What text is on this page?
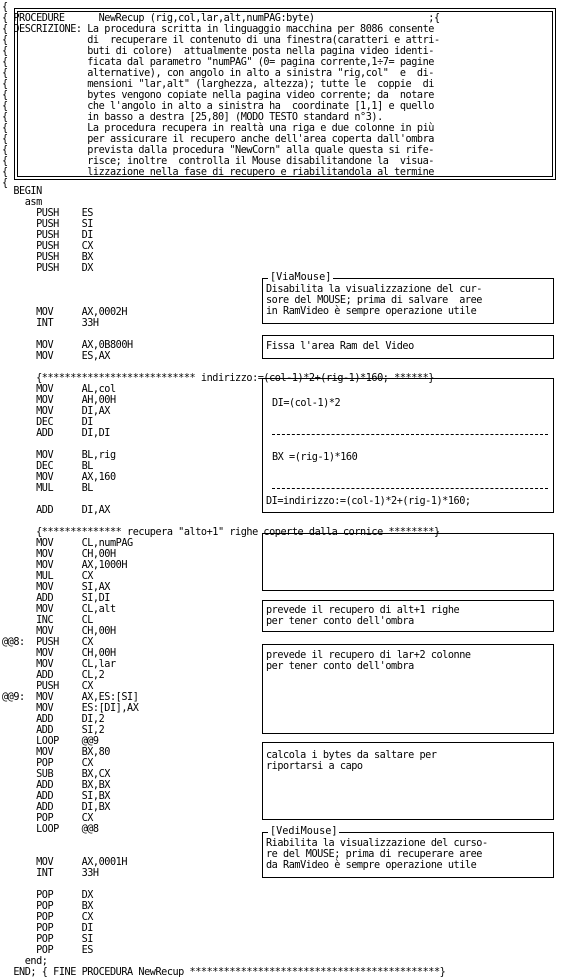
[ViaMouse]
Disabilita la visualizzazione del cur-
sore del MOUSE; prima di salvare  aree
in RamVideo è sempre operazione utile
Fissa l'area Ram del Video
DI=(col-1)*2
BX =(rig-1)*160
DI=indirizzo:=(col-1)*2+(rig-1)*160;
prevede il recupero di alt+1 righe
per tener conto dell'ombra
prevede il recupero di lar+2 colonne
per tener conto dell'ombra
calcola i bytes da saltare per
riportarsi a capo
[VediMouse]
Riabilita la visualizzazione del curso-
re del MOUSE; prima di recuperare aree
da RamVideo è sempre operazione utile
{
{ PROCEDURE      NewRecup (rig,col,lar,alt,numPAG:byte)                    ;{
{ DESCRIZIONE: La procedura scritta in linguaggio macchina per 8086 consente
{              di  recuperare il contenuto di una finestra(caratteri e attri-
{              buti di colore)  attualmente posta nella pagina video identi-
{              ficata dal parametro "numPAG" (0= pagina corrente,1÷7= pagine
{              alternative), con angolo in alto a sinistra "rig,col"  e  di-
{              mensioni "lar,alt" (larghezza, altezza); tutte le  coppie  di
{              bytes vengono copiate nella pagina video corrente; da  notare
{              che l'angolo in alto a sinistra ha  coordinate [1,1] e quello
{              in basso a destra [25,80] (MODO TESTO standard n°3).
{              La procedura recupera in realtà una riga e due colonne in più
{              per assicurare il recupero anche dell'area coperta dall'ombra
{              prevista dalla procedura "NewCorn" alla quale questa si rife-
{              risce; inoltre  controlla il Mouse disabilitandone la  visua-
{              lizzazione nella fase di recupero e riabilitandola al termine
{
BEGIN
asm
PUSH    ES
PUSH    SI
PUSH    DI
PUSH    CX
PUSH    BX
PUSH    DX
MOV     AX,0002H
INT     33H
MOV     AX,0B800H
MOV     ES,AX
{*************************** indirizzo:=(col-1)*2+(rig-1)*160; ******}
MOV     AL,col
MOV     AH,00H
MOV     DI,AX
DEC     DI
ADD     DI,DI
MOV     BL,rig
DEC     BL
MOV     AX,160
MUL     BL
ADD     DI,AX
{************** recupera "alto+1" righe coperte dalla cornice ********}
MOV     CL,numPAG
MOV     CH,00H
MOV     AX,1000H
MUL     CX
MOV     SI,AX
ADD     SI,DI
MOV     CL,alt
INC     CL
MOV     CH,00H
@@8:  PUSH    CX
MOV     CH,00H
MOV     CL,lar
ADD     CL,2
PUSH    CX
@@9:  MOV     AX,ES:[SI]
MOV     ES:[DI],AX
ADD     DI,2
ADD     SI,2
LOOP    @@9
MOV     BX,80
POP     CX
SUB     BX,CX
ADD     BX,BX
ADD     SI,BX
ADD     DI,BX
POP     CX
LOOP    @@8
MOV     AX,0001H
INT     33H
POP     DX
POP     BX
POP     CX
POP     DI
POP     SI
POP     ES
end;
END; { FINE PROCEDURA NewRecup ********************************************}
